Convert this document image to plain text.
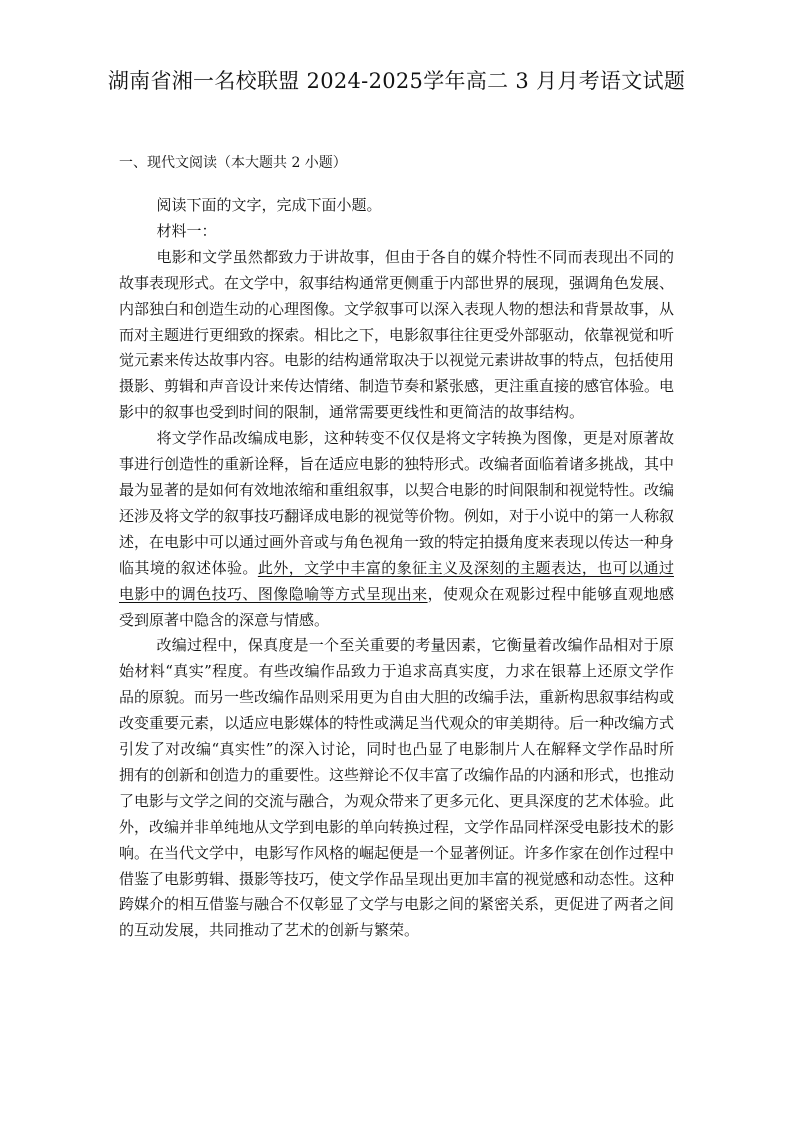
湖南省湘一名校联盟 2024-2025学年高二 3 月月考语文试题
一、现代文阅读（本大题共 2 小题）

阅读下面的文字，完成下面小题。

材料一：

电影和文学虽然都致力于讲故事，但由于各自的媒介特性不同而表现出不同的故事表现形式。在文学中，叙事结构通常更侧重于内部世界的展现，强调角色发展、内部独白和创造生动的心理图像。文学叙事可以深入表现人物的想法和背景故事，从而对主题进行更细致的探索。相比之下，电影叙事往往更受外部驱动，依靠视觉和听觉元素来传达故事内容。电影的结构通常取决于以视觉元素讲故事的特点，包括使用摄影、剪辑和声音设计来传达情绪、制造节奏和紧张感，更注重直接的感官体验。电影中的叙事也受到时间的限制，通常需要更线性和更简洁的故事结构。

将文学作品改编成电影，这种转变不仅仅是将文字转换为图像，更是对原著故事进行创造性的重新诠释，旨在适应电影的独特形式。改编者面临着诸多挑战，其中最为显著的是如何有效地浓缩和重组叙事，以契合电影的时间限制和视觉特性。改编还涉及将文学的叙事技巧翻译成电影的视觉等价物。例如，对于小说中的第一人称叙述，在电影中可以通过画外音或与角色视角一致的特定拍摄角度来表现以传达一种身临其境的叙述体验。此外，文学中丰富的象征主义及深刻的主题表达，也可以通过电影中的调色技巧、图像隐喻等方式呈现出来，使观众在观影过程中能够直观地感受到原著中隐含的深意与情感。

改编过程中，保真度是一个至关重要的考量因素，它衡量着改编作品相对于原始材料“真实”程度。有些改编作品致力于追求高真实度，力求在银幕上还原文学作品的原貌。而另一些改编作品则采用更为自由大胆的改编手法，重新构思叙事结构或改变重要元素，以适应电影媒体的特性或满足当代观众的审美期待。后一种改编方式引发了对改编“真实性”的深入讨论，同时也凸显了电影制片人在解释文学作品时所拥有的创新和创造力的重要性。这些辩论不仅丰富了改编作品的内涵和形式，也推动了电影与文学之间的交流与融合，为观众带来了更多元化、更具深度的艺术体验。此外，改编并非单纯地从文学到电影的单向转换过程，文学作品同样深受电影技术的影响。在当代文学中，电影写作风格的崛起便是一个显著例证。许多作家在创作过程中借鉴了电影剪辑、摄影等技巧，使文学作品呈现出更加丰富的视觉感和动态性。这种跨媒介的相互借鉴与融合不仅彰显了文学与电影之间的紧密关系，更促进了两者之间的互动发展，共同推动了艺术的创新与繁荣。
